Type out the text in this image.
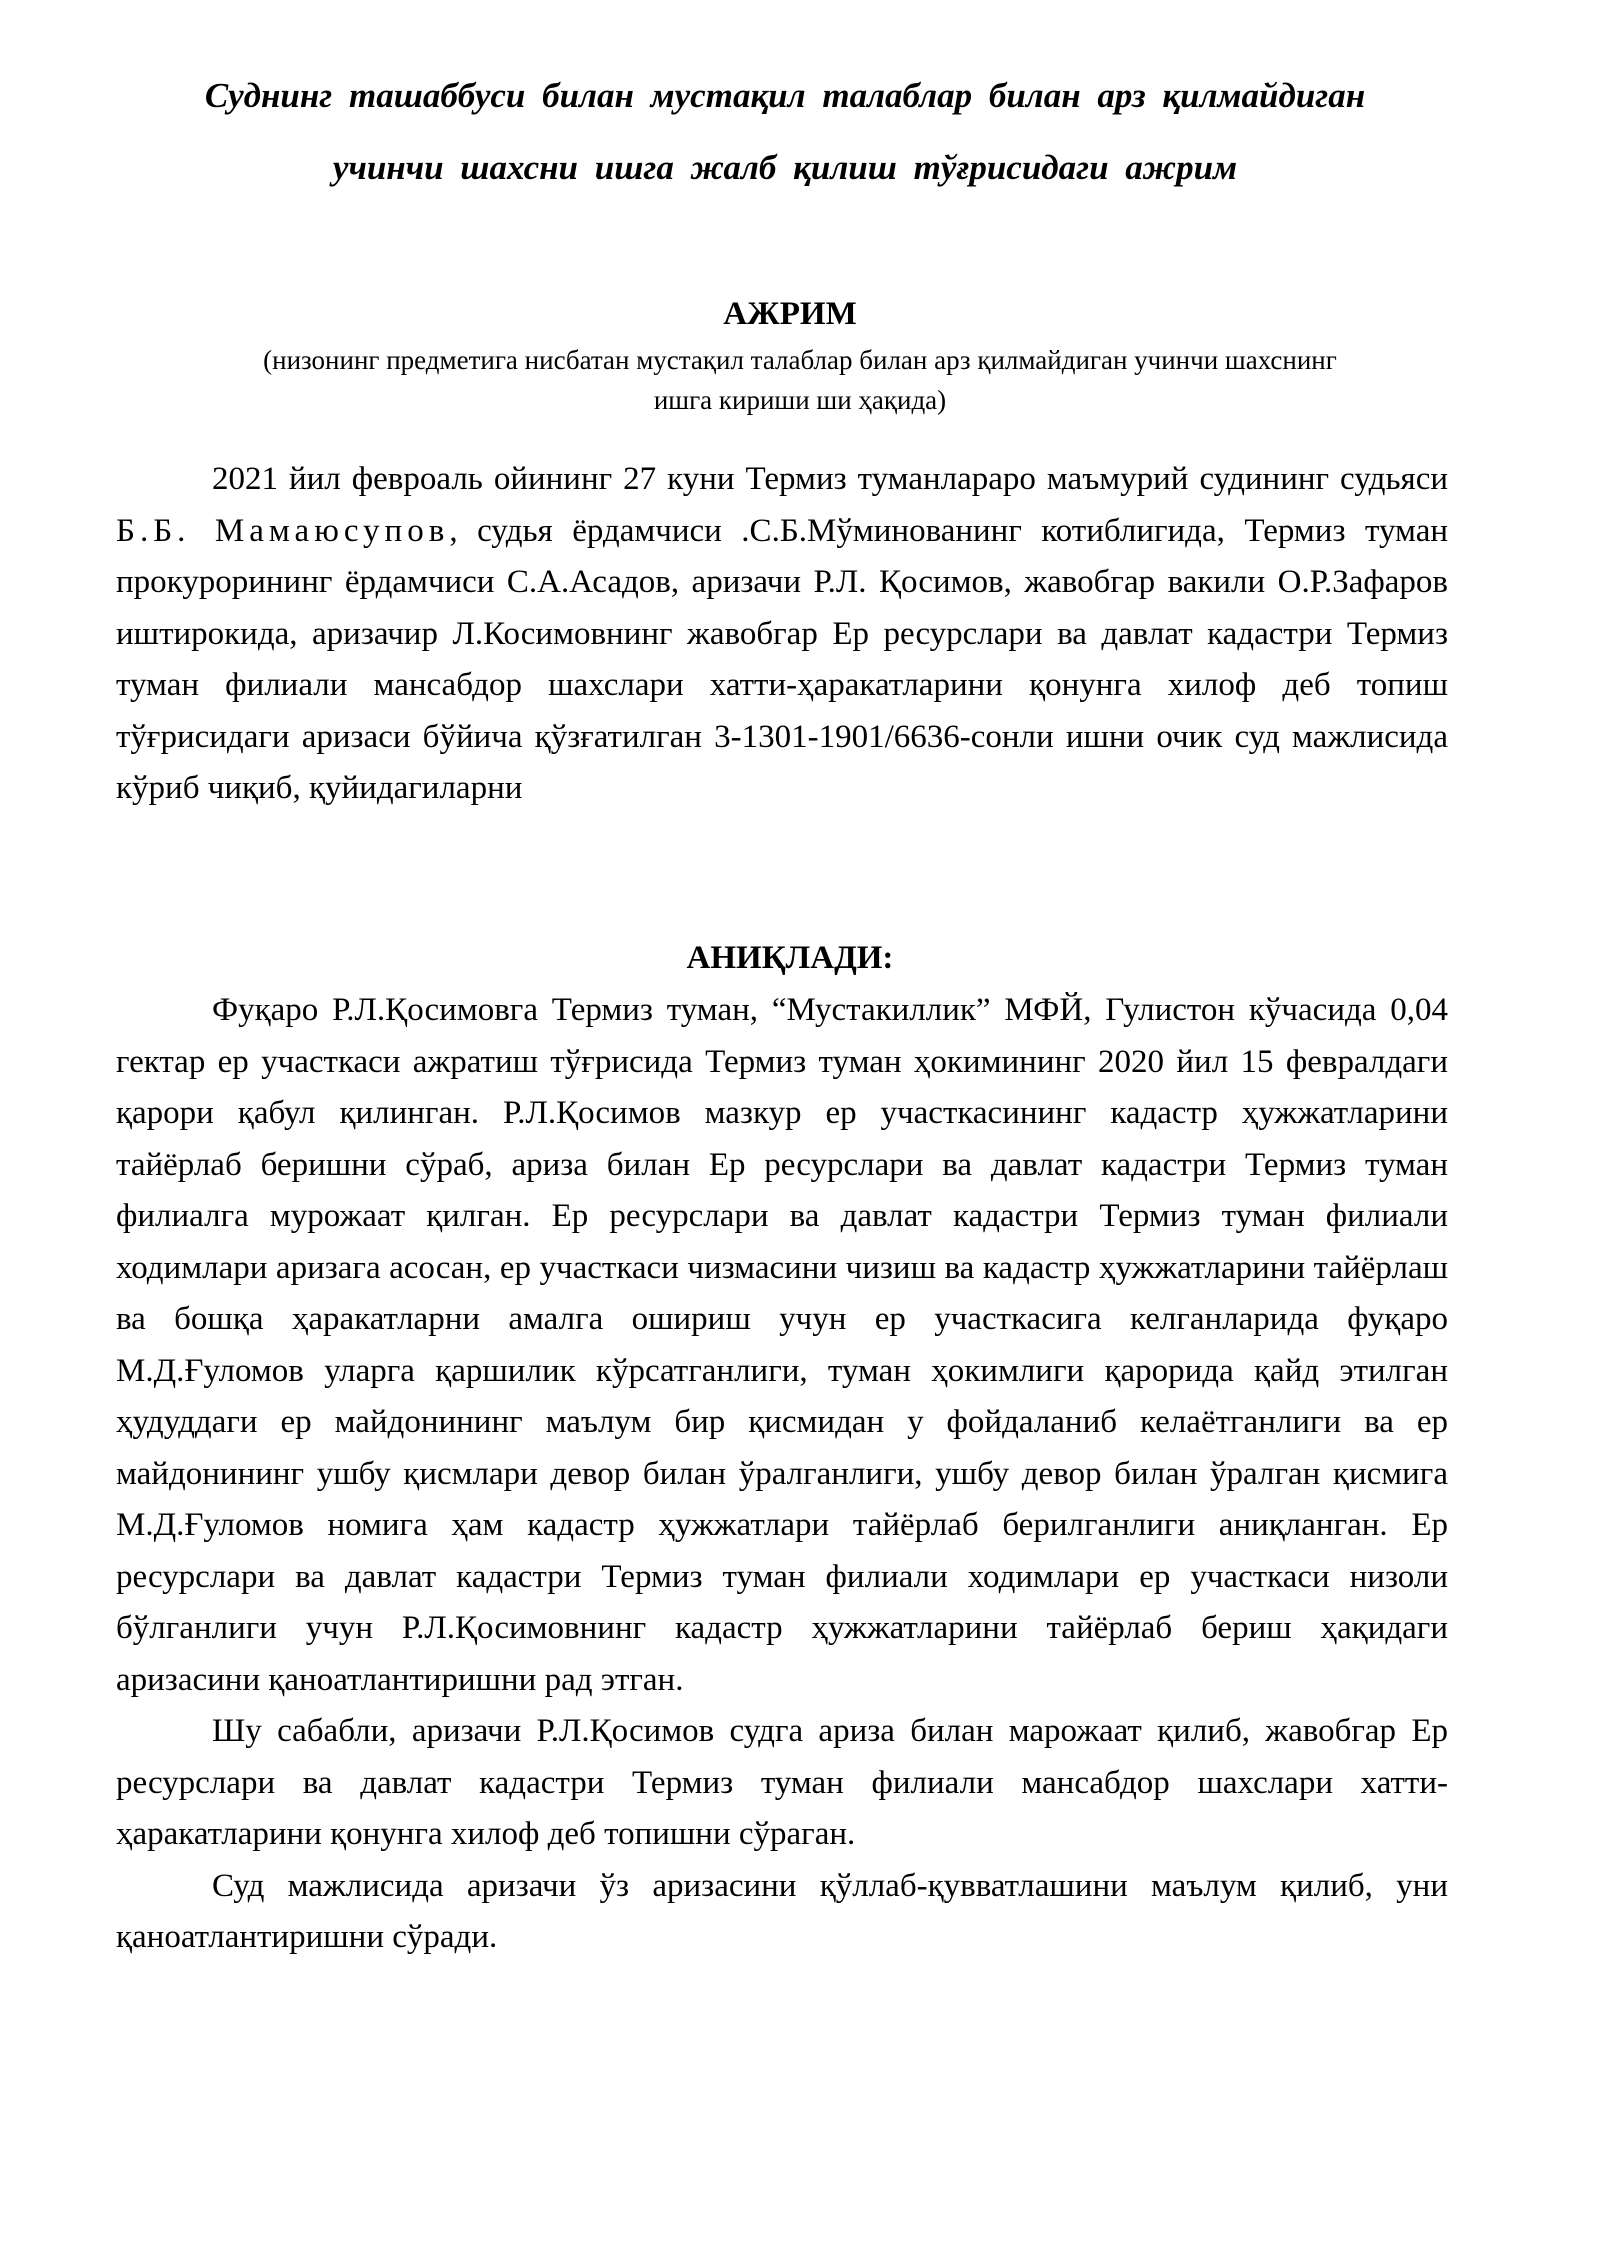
Суднинг ташаббуси билан мустақил талаблар билан арз қилмайдиган
учинчи шахсни ишга жалб қилиш тўғрисидаги ажрим
АЖРИМ
(низонинг предметига нисбатан мустақил талаблар билан арз қилмайдиган учинчи шахснинг
ишга кириши ши ҳақида)

2021 йил феврoаль ойининг 27 куни Термиз туманлараро маъмурий судининг судьяси Б.Б. Мамаюсупов, судья ёрдамчиси .С.Б.Мўминованинг котиблигида, Термиз туман прокурорининг ёрдамчиси С.А.Асадов, аризачи Р.Л. Қосимов, жавобгар вакили О.Р.Зафаров иштирокида, аризачир Л.Косимовнинг жавобгар Ер ресурслари ва давлат кадастри Термиз туман филиали мансабдор шахслари хатти-ҳаракатларини қонунга хилоф деб топиш тўғрисидаги аризаси бўйича қўзғатилган 3-1301-1901/6636-сонли ишни очик суд мажлисида кўриб чиқиб, қуйидагиларни

АНИҚЛАДИ:

Фуқаро Р.Л.Қосимовга Термиз туман, “Мустакиллик” МФЙ, Гулистон кўчасида 0,04 гектар ер участкаси ажратиш тўғрисида Термиз туман ҳокимининг 2020 йил 15 февралдаги қарори қабул қилинган. Р.Л.Қосимов мазкур ер участкасининг кадастр ҳужжатларини тайёрлаб беришни сўраб, ариза билан Ер ресурслари ва давлат кадастри Термиз туман филиалга мурожаат қилган. Ер ресурслари ва давлат кадастри Термиз туман филиали ходимлари аризага асосан, ер участкаси чизмасини чизиш ва кадастр ҳужжатларини тайёрлаш ва бошқа ҳаракатларни амалга ошириш учун ер участкасига келганларида фуқаро М.Д.Ғуломов уларга қаршилик кўрсатганлиги, туман ҳокимлиги қарорида қайд этилган ҳудуддаги ер майдонининг маълум бир қисмидан у фойдаланиб келаётганлиги ва ер майдонининг ушбу қисмлари девор билан ўралганлиги, ушбу девор билан ўралган қисмига М.Д.Ғуломов номига ҳам кадастр ҳужжатлари тайёрлаб берилганлиги аниқланган. Ер ресурслари ва давлат кадастри Термиз туман филиали ходимлари ер участкаси низоли бўлганлиги учун Р.Л.Қосимовнинг кадастр ҳужжатларини тайёрлаб бериш ҳақидаги аризасини қаноатлантиришни рад этган.

Шу сабабли, аризачи Р.Л.Қосимов судга ариза билан марожаат қилиб, жавобгар Ер ресурслари ва давлат кадастри Термиз туман филиали мансабдор шахслари хатти-ҳаракатларини қонунга хилоф деб топишни сўраган.

Суд мажлисида аризачи ўз аризасини қўллаб-қувватлашини маълум қилиб, уни қаноатлантиришни сўради.
